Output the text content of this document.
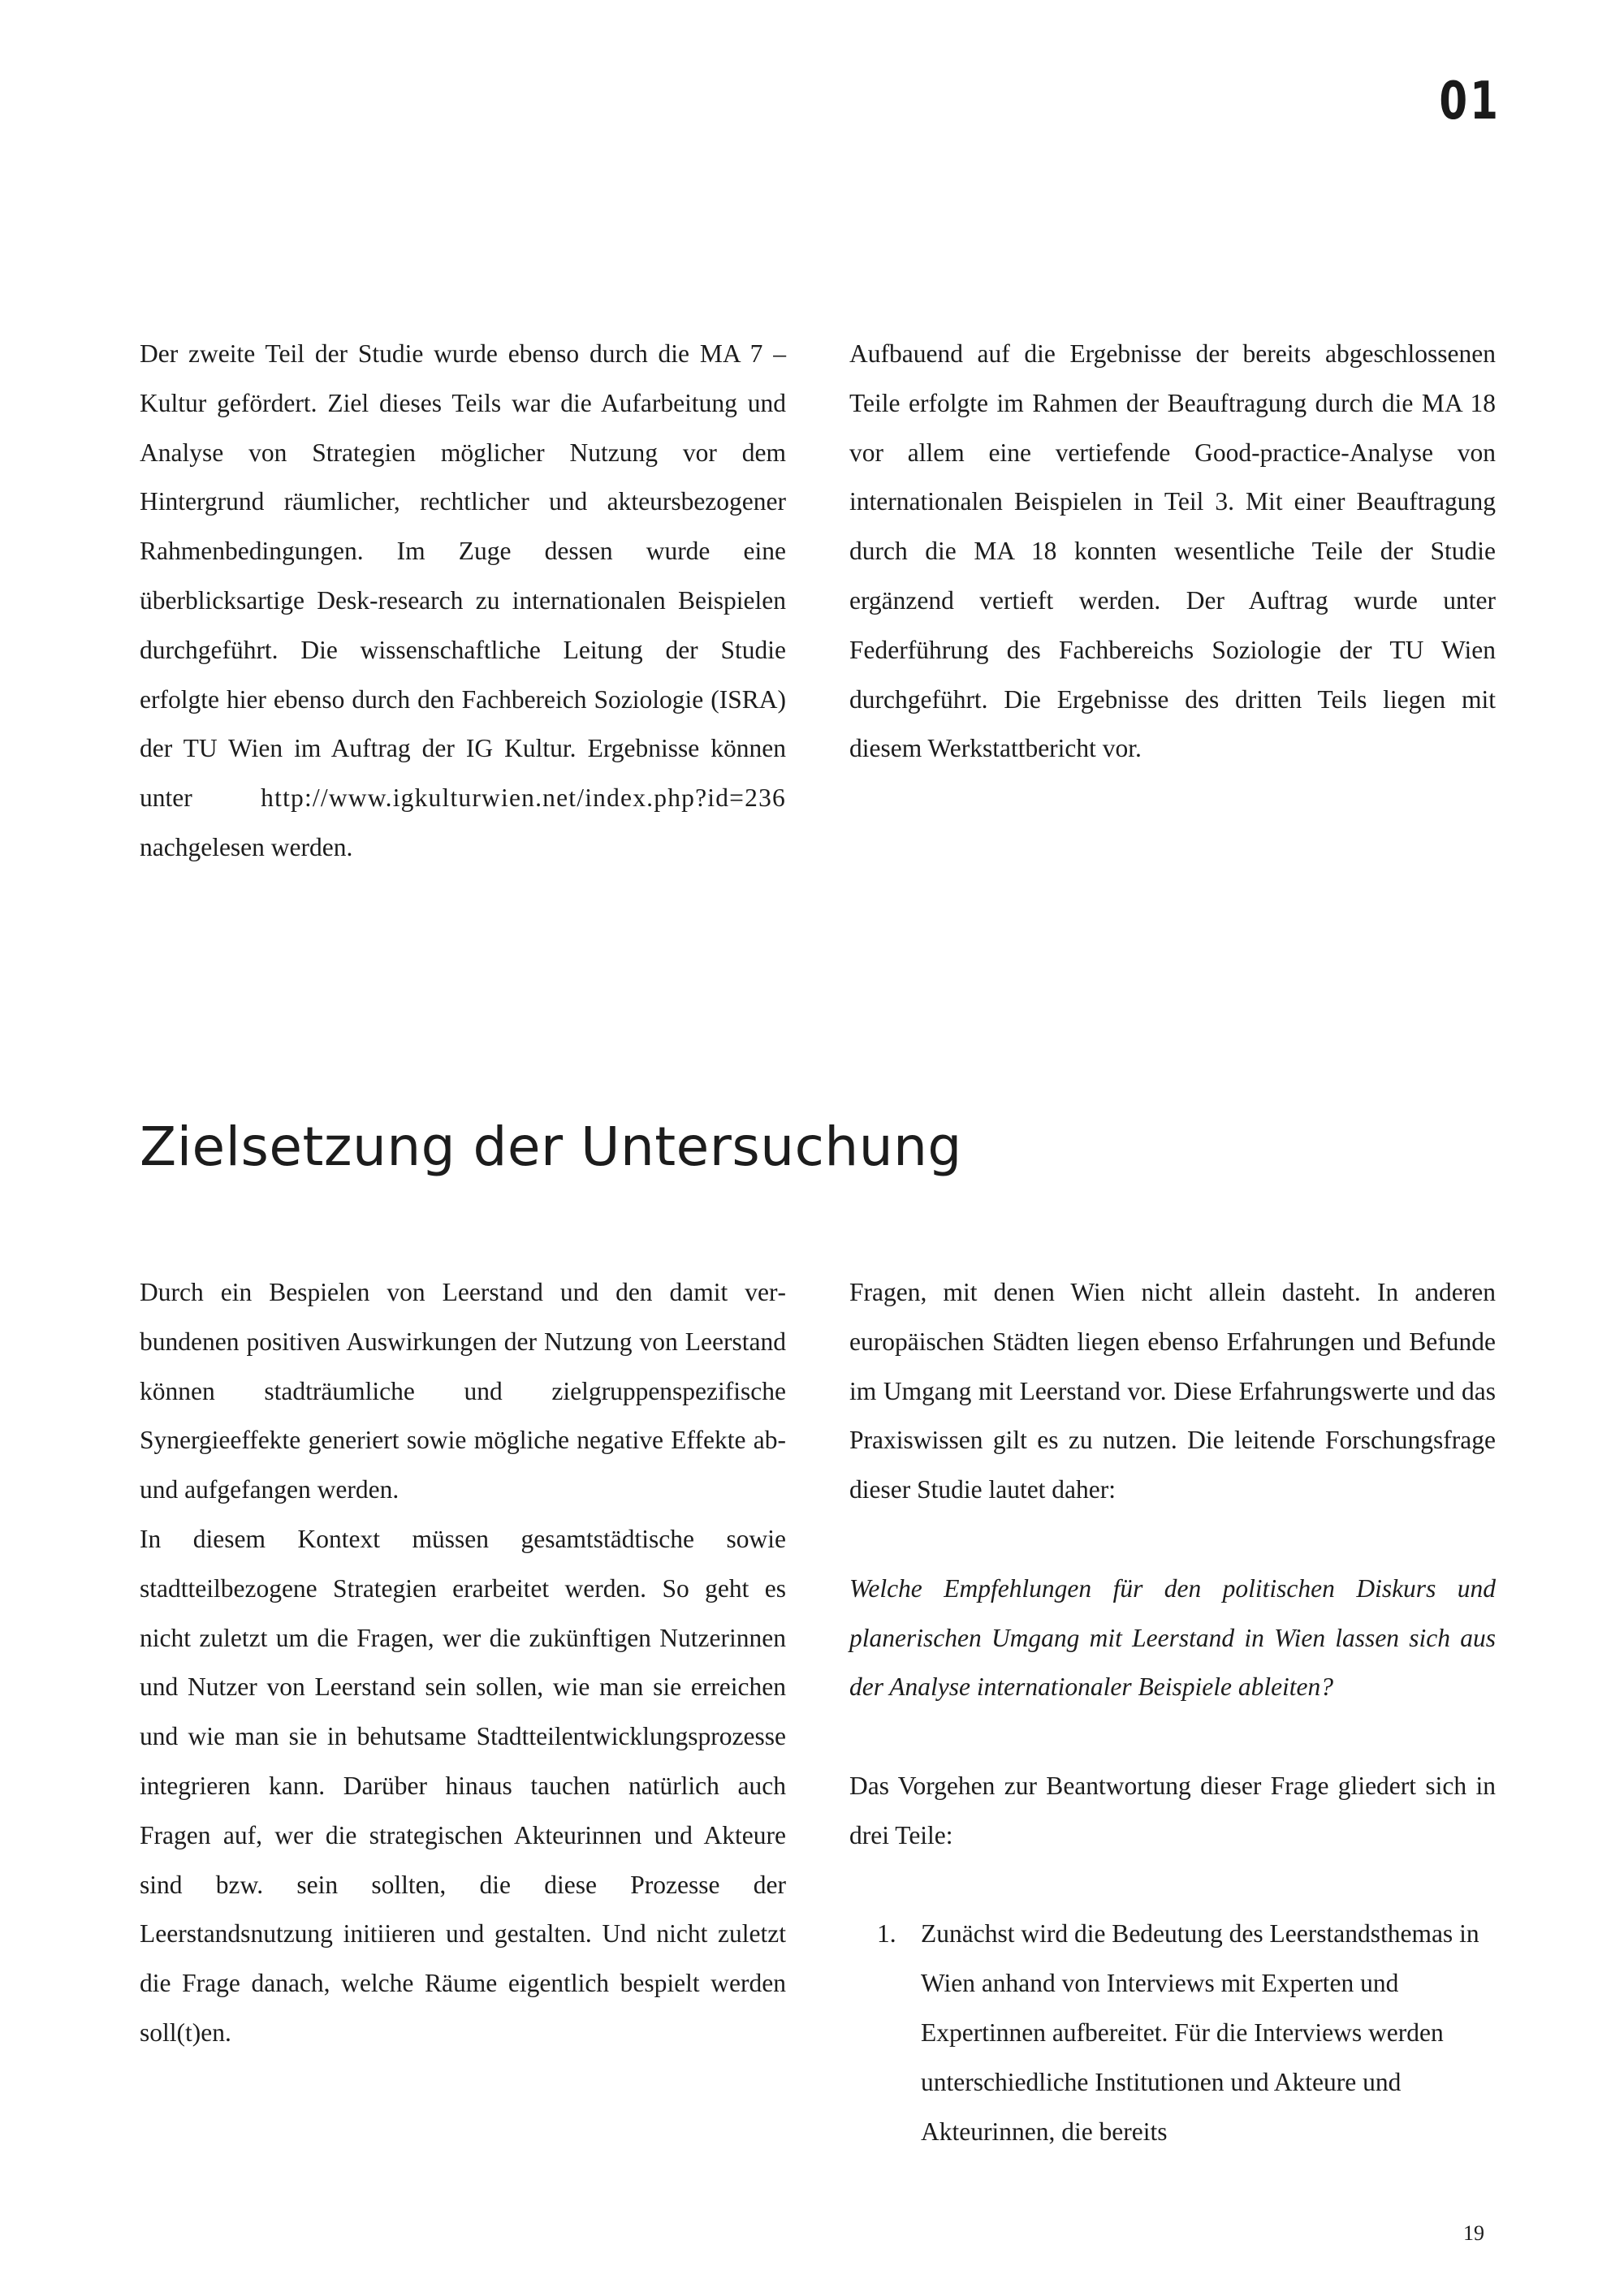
01

Der zweite Teil der Studie wurde ebenso durch die MA 7 – Kultur gefördert. Ziel dieses Teils war die Aufarbeitung und Analyse von Strategien möglicher Nutzung vor dem Hintergrund räumlicher, rechtlicher und akteursbezogener Rahmenbedingungen. Im Zuge dessen wurde eine überblicksartige Desk-research zu internationalen Beispielen durchgeführt. Die wissenschaftliche Leitung der Studie erfolgte hier ebenso durch den Fachbereich Soziologie (ISRA) der TU Wien im Auftrag der IG Kultur. Ergebnisse können unter	http://www.igkulturwien.net/index.php?id=236 nachgelesen werden.

Aufbauend auf die Ergebnisse der bereits abgeschlossenen Teile erfolgte im Rahmen der Beauftragung durch die MA 18 vor allem eine vertiefende Good-practice-Analyse von internationalen Beispielen in Teil 3. Mit einer Beauftragung durch die MA 18 konnten wesentliche Teile der Studie ergänzend vertieft werden. Der Auftrag wurde unter Federführung des Fachbereichs Soziologie der TU Wien durchgeführt. Die Ergebnisse des dritten Teils liegen mit diesem Werkstattbericht vor.

Zielsetzung der Untersuchung

Durch ein Bespielen von Leerstand und den damit verbundenen positiven Auswirkungen der Nutzung von Leerstand können stadträumliche und zielgruppenspezifische Synergieeffekte generiert sowie mögliche negative Effekte ab- und aufgefangen werden.

In diesem Kontext müssen gesamtstädtische sowie stadtteilbezogene Strategien erarbeitet werden. So geht es nicht zuletzt um die Fragen, wer die zukünftigen Nutzerinnen und Nutzer von Leerstand sein sollen, wie man sie erreichen und wie man sie in behutsame Stadtteilentwicklungsprozesse integrieren kann. Darüber hinaus tauchen natürlich auch Fragen auf, wer die strategischen Akteurinnen und Akteure sind bzw. sein sollten, die diese Prozesse der Leerstandsnutzung initiieren und gestalten. Und nicht zuletzt die Frage danach, welche Räume eigentlich bespielt werden soll(t)en.

Fragen, mit denen Wien nicht allein dasteht. In anderen europäischen Städten liegen ebenso Erfahrungen und Befunde im Umgang mit Leerstand vor. Diese Erfahrungswerte und das Praxiswissen gilt es zu nutzen. Die leitende Forschungsfrage dieser Studie lautet daher:

Welche Empfehlungen für den politischen Diskurs und planerischen Umgang mit Leerstand in Wien lassen sich aus der Analyse internationaler Beispiele ableiten?

Das Vorgehen zur Beantwortung dieser Frage gliedert sich in drei Teile:

1. Zunächst wird die Bedeutung des Leerstandsthemas in Wien anhand von Interviews mit Experten und Expertinnen aufbereitet. Für die Interviews werden unterschiedliche Institutionen und Akteure und Akteurinnen, die bereits
19
